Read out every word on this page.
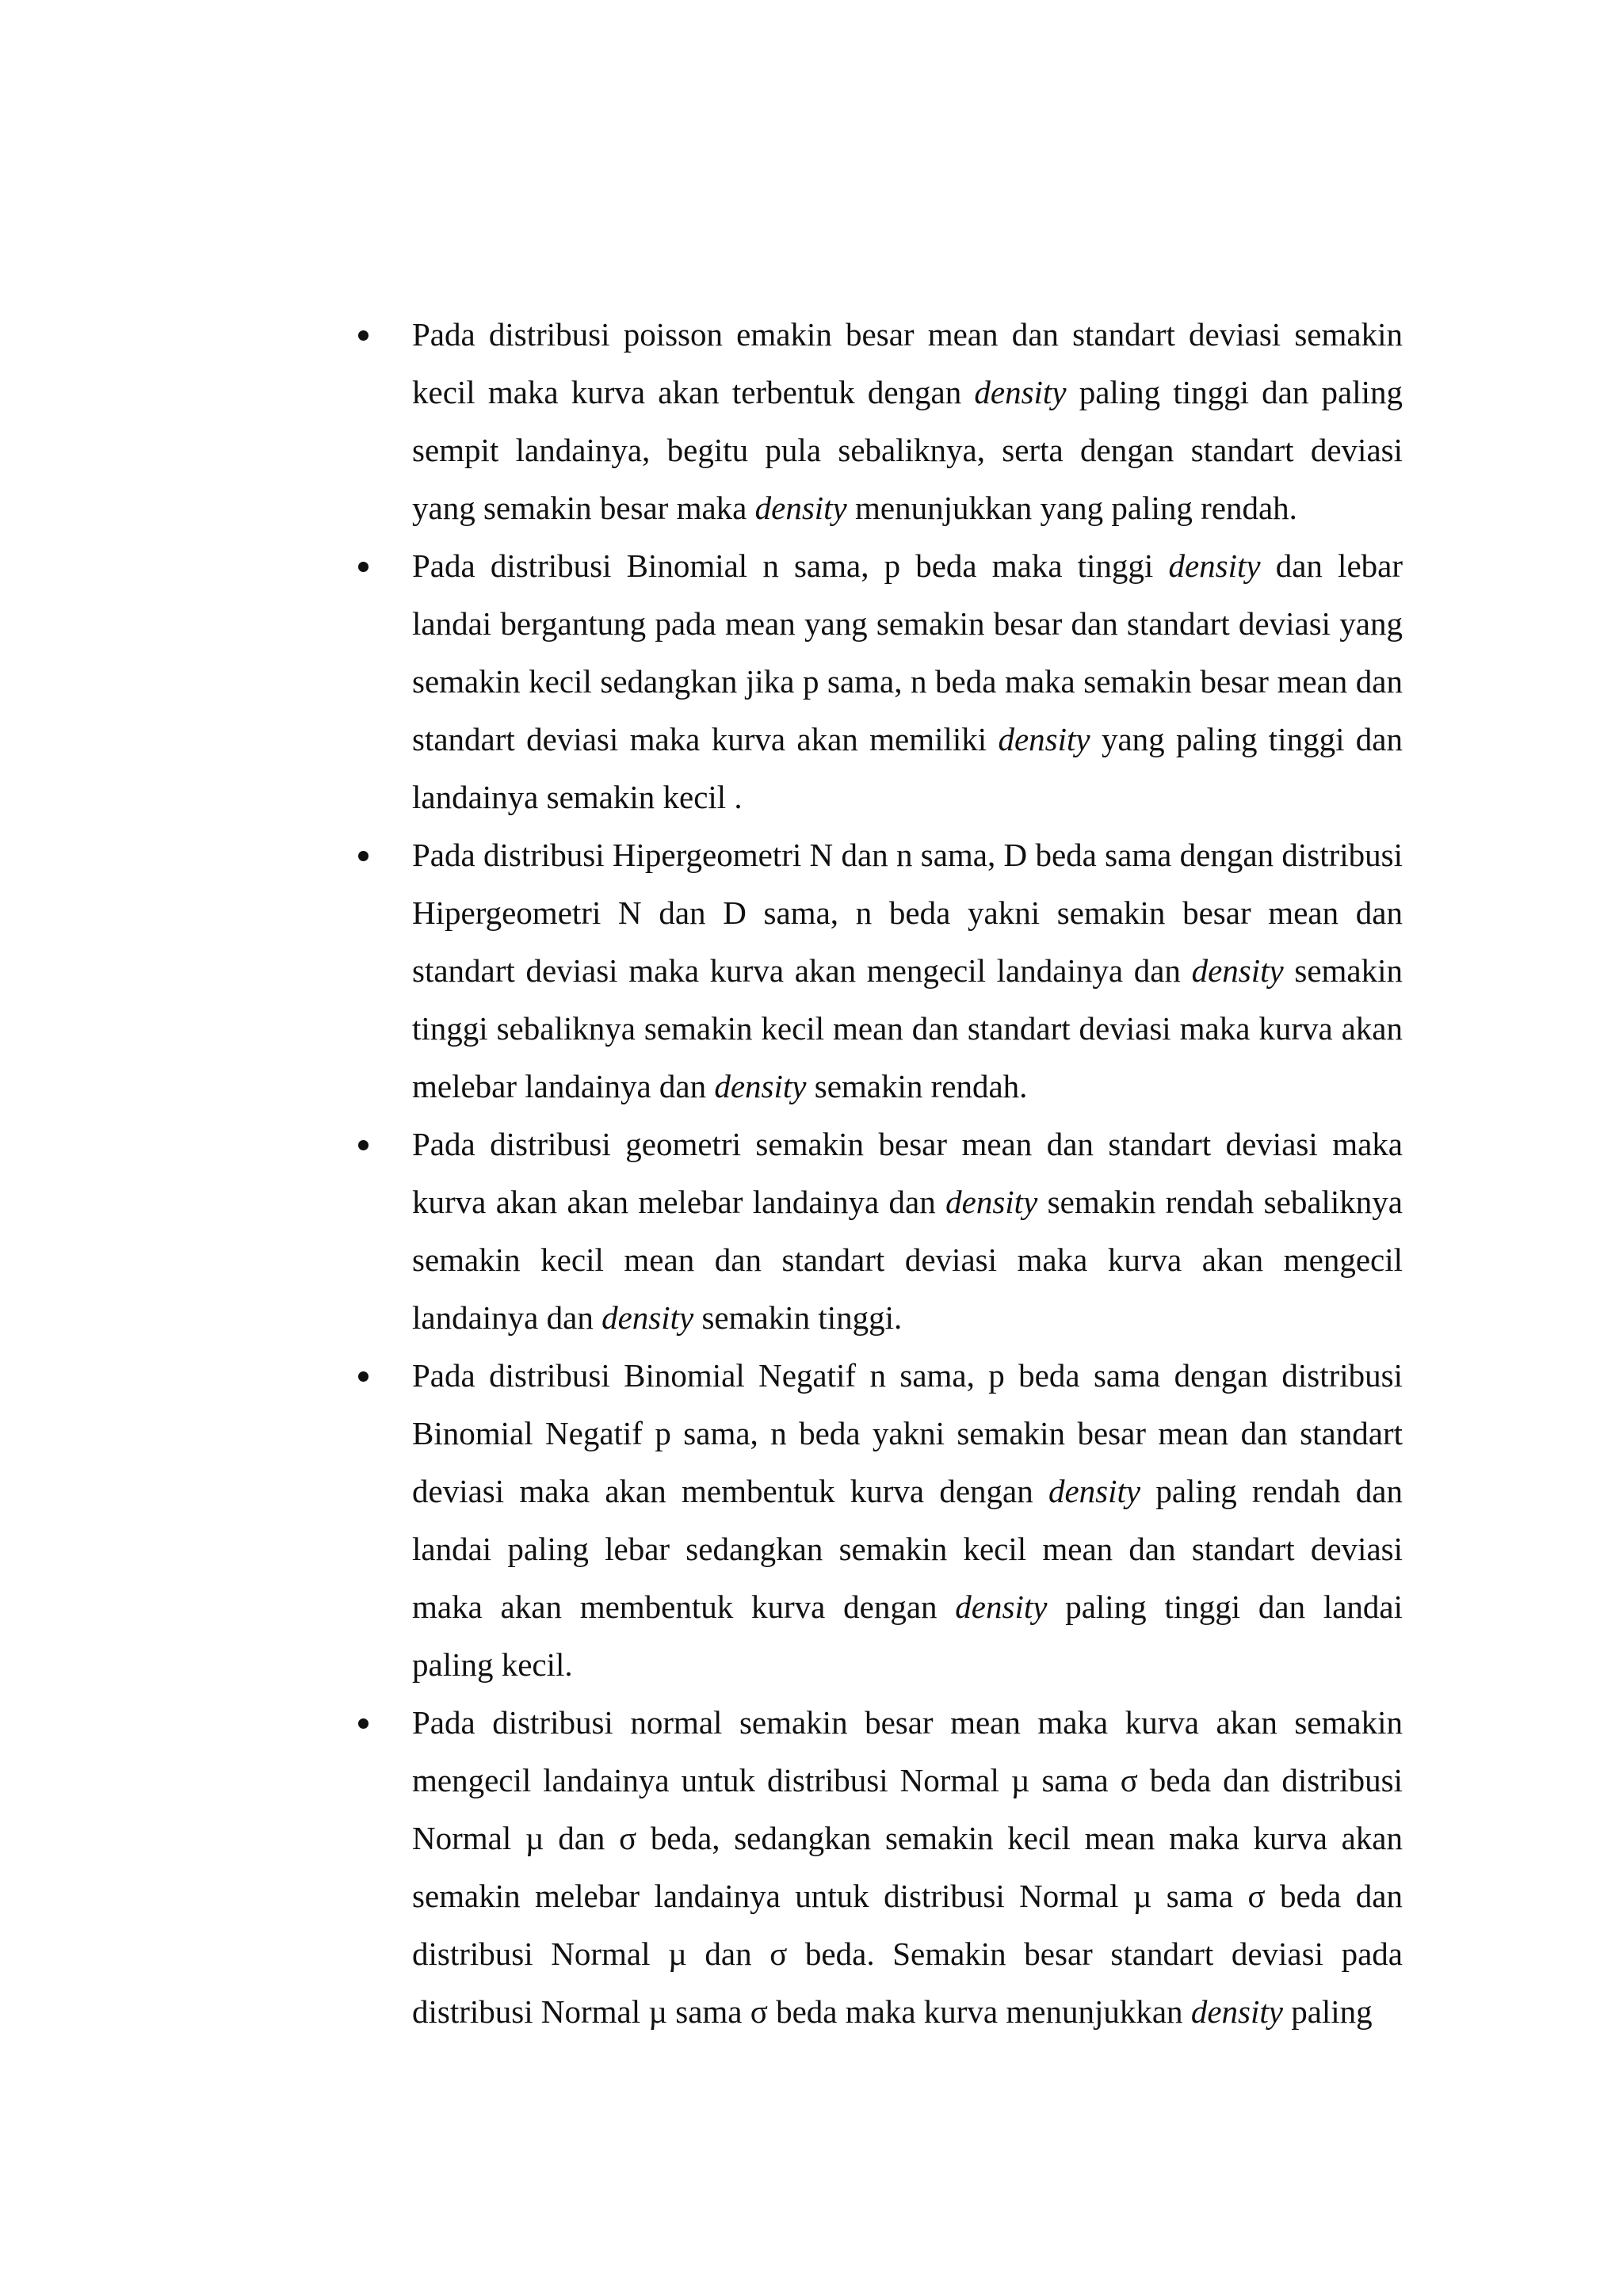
Pada distribusi poisson emakin besar mean dan standart deviasi semakin kecil maka kurva akan terbentuk dengan density paling tinggi dan paling sempit landainya, begitu pula sebaliknya, serta dengan standart deviasi yang semakin besar maka density menunjukkan yang paling rendah.
Pada distribusi Binomial n sama, p beda maka tinggi density dan lebar landai bergantung pada mean yang semakin besar dan standart deviasi yang semakin kecil sedangkan jika p sama, n beda maka semakin besar mean dan standart deviasi maka kurva akan memiliki density yang paling tinggi dan landainya semakin kecil .
Pada distribusi Hipergeometri N dan n sama, D beda sama dengan distribusi Hipergeometri N dan D sama, n beda yakni semakin besar mean dan standart deviasi maka kurva akan mengecil landainya dan density semakin tinggi sebaliknya semakin kecil mean dan standart deviasi maka kurva akan melebar landainya dan density semakin rendah.
Pada distribusi geometri semakin besar mean dan standart deviasi maka kurva akan akan melebar landainya dan density semakin rendah sebaliknya semakin kecil mean dan standart deviasi maka kurva akan mengecil landainya dan density semakin tinggi.
Pada distribusi Binomial Negatif n sama, p beda sama dengan distribusi Binomial Negatif p sama, n beda yakni semakin besar mean dan standart deviasi maka akan membentuk kurva dengan density paling rendah dan landai paling lebar sedangkan semakin kecil mean dan standart deviasi maka akan membentuk kurva dengan density paling tinggi dan landai paling kecil.
Pada distribusi normal semakin besar mean maka kurva akan semakin mengecil landainya untuk distribusi Normal µ sama σ beda dan distribusi Normal µ dan σ beda, sedangkan semakin kecil mean maka kurva akan semakin melebar landainya untuk distribusi Normal µ sama σ beda dan distribusi Normal µ dan σ beda. Semakin besar standart deviasi pada distribusi Normal µ sama σ beda maka kurva menunjukkan density paling
